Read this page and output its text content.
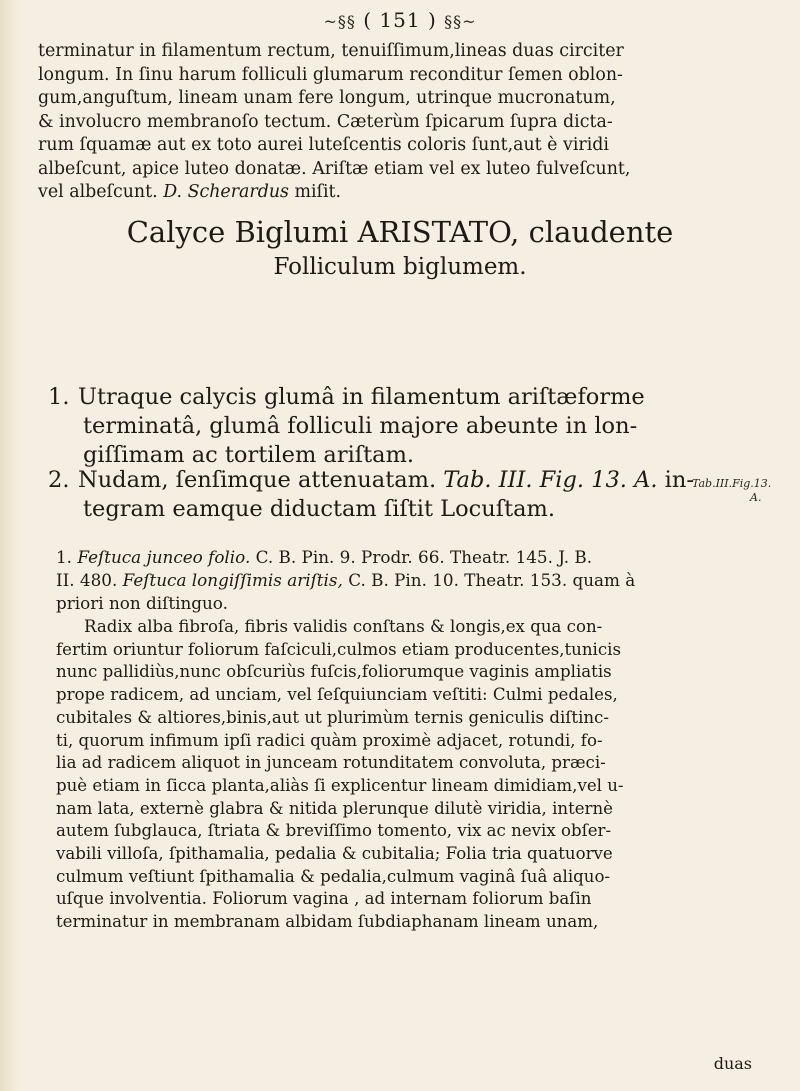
~§§ ( 151 ) §§~
terminatur in filamentum rectum, tenuiſſimum,lineas duas circiter
longum. In ſinu harum folliculi glumarum reconditur ſemen oblon-
gum,anguſtum, lineam unam fere longum, utrinque mucronatum,
& involucro membranoſo tectum. Cæterùm ſpicarum ſupra dicta-
rum ſquamæ aut ex toto aurei luteſcentis coloris ſunt,aut è viridi
albeſcunt, apice luteo donatæ. Ariſtæ etiam vel ex luteo fulveſcunt,
vel albeſcunt. D. Scherardus miſit.
Calyce Biglumi ARISTATO, claudente
Folliculum biglumem.
1. Utraque calycis glumâ in filamentum ariſtæforme
terminatâ, glumâ folliculi majore abeunte in lon-
giſſimam ac tortilem ariſtam.
2. Nudam, ſenſimque attenuatam. Tab. III. Fig. 13. A. in-
tegram eamque diductam ſiſtit Locuſtam.
Tab.III.Fig.13.
A.
1. Feſtuca junceo folio. C. B. Pin. 9. Prodr. 66. Theatr. 145. J. B.
II. 480. Feſtuca longiſſimis ariſtis, C. B. Pin. 10. Theatr. 153. quam à
priori non diſtinguo.
Radix alba fibroſa, fibris validis conſtans & longis,ex qua con-
fertim oriuntur foliorum faſciculi,culmos etiam producentes,tunicis
nunc pallidiùs,nunc obſcuriùs fuſcis,foliorumque vaginis ampliatis
prope radicem, ad unciam, vel ſeſquiunciam veſtiti: Culmi pedales,
cubitales & altiores,binis,aut ut plurimùm ternis geniculis diſtinc-
ti, quorum infimum ipſi radici quàm proximè adjacet, rotundi, fo-
lia ad radicem aliquot in junceam rotunditatem convoluta, præci-
puè etiam in ſicca planta,aliàs ſi explicentur lineam dimidiam,vel u-
nam lata, externè glabra & nitida plerunque dilutè viridia, internè
autem ſubglauca, ſtriata & breviſſimo tomento, vix ac nevix obſer-
vabili villoſa, ſpithamalia, pedalia & cubitalia; Folia tria quatuorve
culmum veſtiunt ſpithamalia & pedalia,culmum vaginâ ſuâ aliquo-
uſque involventia. Foliorum vagina , ad internam foliorum baſin
terminatur in membranam albidam ſubdiaphanam lineam unam,
duas
